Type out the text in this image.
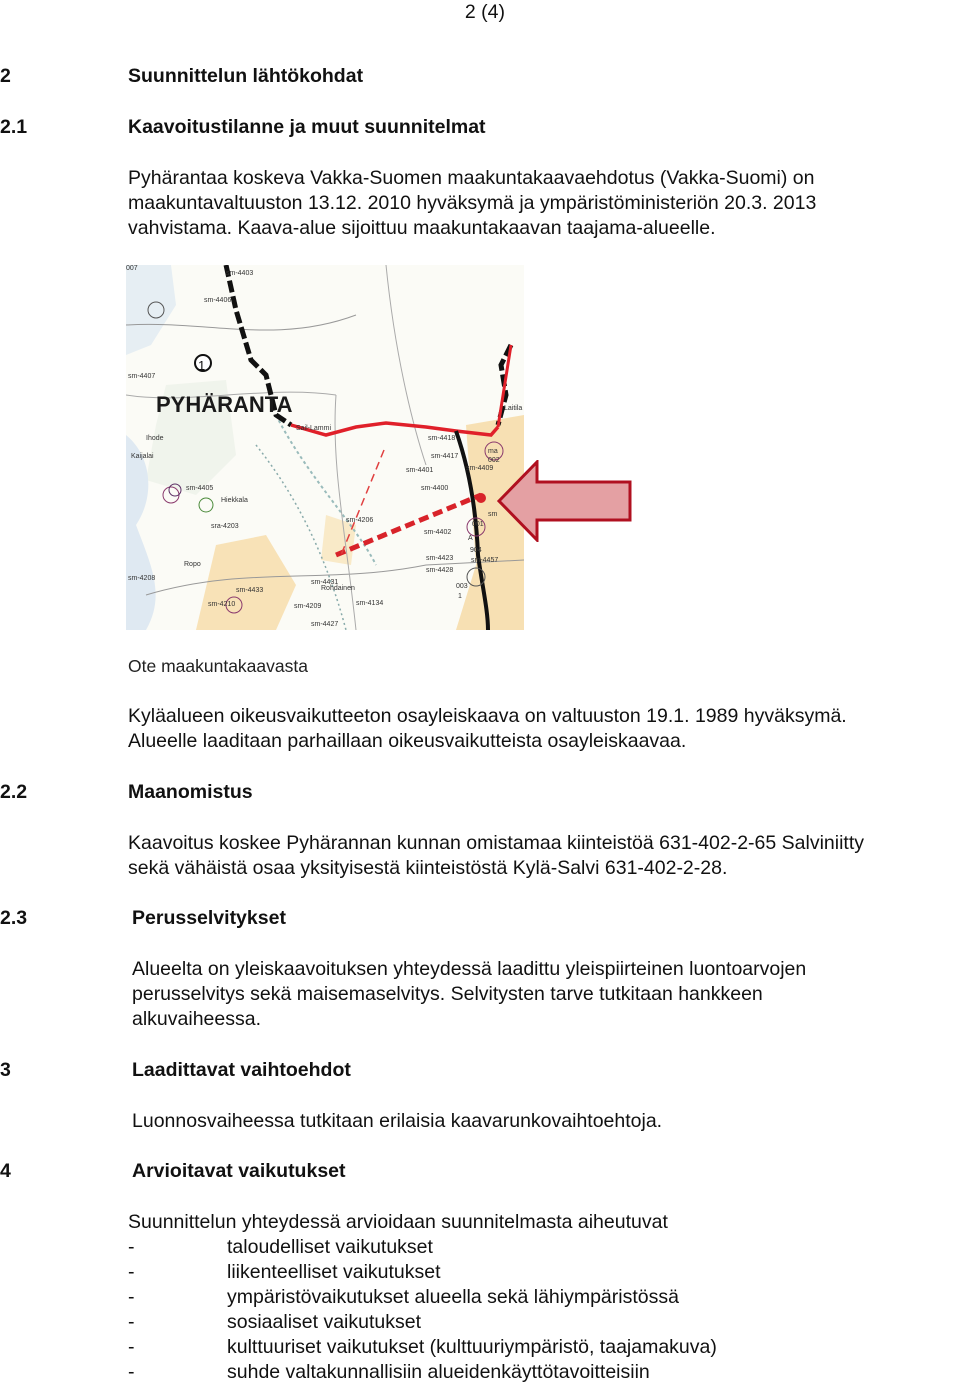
2 (4)
2	Suunnittelun lähtökohdat
2.1	Kaavoitustilanne ja muut suunnitelmat
Pyhärantaa koskeva Vakka-Suomen maakuntakaavaehdotus (Vakka-Suomi) on
maakuntavaltuuston 13.12. 2010 hyväksymä ja ympäristöministeriön 20.3. 2013
vahvistama. Kaava-alue sijoittuu maakuntakaavan taajama-alueelle.
PYHÄRANTA
1
sm-4406
sm-4403
sm-4407
sm-4405
sm-4418
sm-4417
sm-4409
sm-4401
sm-4400
sm-4206
sm-4402
sm-4431
sm-4208
sm-4210	sm-4209	sm-4134
sm-4427
sm-4423
sm-4428
sm-4457
sra-4203
sm-4433
Laitila
Rohdainen
Ihode
Kaijalai
Hiekkala
Sail-Lammi
Ropo
A
904
ma
002
sm
001
003
1
007
Ote maakuntakaavasta
Kyläalueen oikeusvaikutteeton osayleiskaava on valtuuston 19.1. 1989 hyväksymä.
Alueelle laaditaan parhaillaan oikeusvaikutteista osayleiskaavaa.
2.2	Maanomistus
Kaavoitus koskee Pyhärannan kunnan omistamaa kiinteistöä 631-402-2-65 Salviniitty
sekä vähäistä osaa yksityisestä kiinteistöstä Kylä-Salvi 631-402-2-28.
2.3	Perusselvitykset
Alueelta on yleiskaavoituksen yhteydessä laadittu yleispiirteinen luontoarvojen
perusselvitys sekä maisemaselvitys. Selvitysten tarve tutkitaan hankkeen
alkuvaiheessa.
3	Laadittavat vaihtoehdot
Luonnosvaiheessa tutkitaan erilaisia kaavarunkovaihtoehtoja.
4	Arvioitavat vaikutukset
Suunnittelun yhteydessä arvioidaan suunnitelmasta aiheutuvat
-	taloudelliset vaikutukset
-	liikenteelliset vaikutukset
-	ympäristövaikutukset alueella sekä lähiympäristössä
-	sosiaaliset vaikutukset
-	kulttuuriset vaikutukset (kulttuuriympäristö, taajamakuva)
-	suhde valtakunnallisiin alueidenkäyttötavoitteisiin
